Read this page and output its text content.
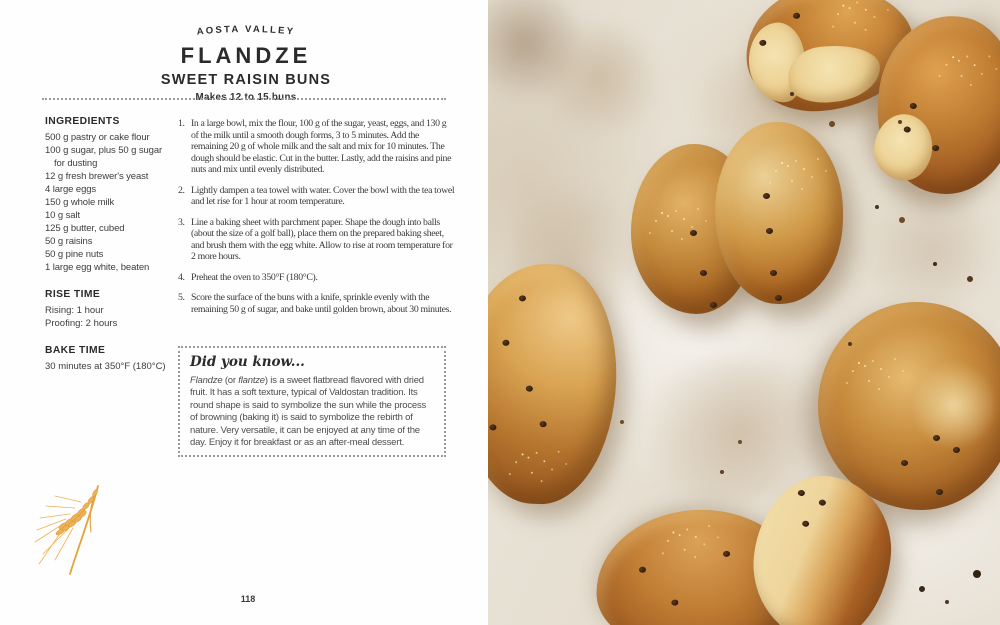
AOSTA VALLEY
FLANDZE
SWEET RAISIN BUNS
Makes 12 to 15 buns
INGREDIENTS
500 g pastry or cake flour
100 g sugar, plus 50 g sugar for dusting
12 g fresh brewer's yeast
4 large eggs
150 g whole milk
10 g salt
125 g butter, cubed
50 g raisins
50 g pine nuts
1 large egg white, beaten
RISE TIME
Rising: 1 hour
Proofing: 2 hours
BAKE TIME
30 minutes at 350°F (180°C)
1. In a large bowl, mix the flour, 100 g of the sugar, yeast, eggs, and 130 g of the milk until a smooth dough forms, 3 to 5 minutes. Add the remaining 20 g of whole milk and the salt and mix for 10 minutes. The dough should be elastic. Cut in the butter. Lastly, add the raisins and pine nuts and mix until evenly distributed.
2. Lightly dampen a tea towel with water. Cover the bowl with the tea towel and let rise for 1 hour at room temperature.
3. Line a baking sheet with parchment paper. Shape the dough into balls (about the size of a golf ball), place them on the prepared baking sheet, and brush them with the egg white. Allow to rise at room temperature for 2 more hours.
4. Preheat the oven to 350°F (180°C).
5. Score the surface of the buns with a knife, sprinkle evenly with the remaining 50 g of sugar, and bake until golden brown, about 30 minutes.
Did you know...
Flandze (or flantze) is a sweet flatbread flavored with dried fruit. It has a soft texture, typical of Valdostan tradition. Its round shape is said to symbolize the sun while the process of browning (baking it) is said to symbolize the rebirth of nature. Very versatile, it can be enjoyed at any time of the day. Enjoy it for breakfast or as an after-meal dessert.
118
